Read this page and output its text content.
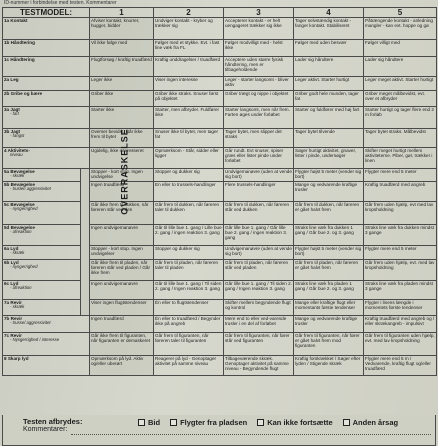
ID-nummer i forbindelse med testen. Kommentarer
TESTMODEL:		1	2	3	4	5
1a Kontakt		Afviser kontakt, knurrer, hugger, bidder	Undviger kontakt - kryber og trækker sig	Accepterer kontakt - er helt uengageret trækker sig ikke	Tager selvstændig kontakt - fanger kontakt. Stabiliseret	Påtrængende kontakt - anledning mangler - kan evt. hoppe og gø
1b Håndtering		Vil ikke følge med	Følger med et stykke. Evt. i fast line væk fra FL	Følger modvilligt med - helst ikke	Følger med uden besvær	Følger villigt med
1c Håndtering		Flugtforsøg / kraftig truadfærd	Kraftig unddragelser / truadfærd	Acceptere uden større fysisk håndtering, men er tilbageholdende	Lader sig håndtere	Lader sig håndtere
2a Leg		Leger ikke	Viser ingen interesse	Leger - starter langsomt - bliver aktiv	Leger aktivt. Starter hurtigt	Leger meget aktivt. Starter hurtigt
2b Gribe og bære		Griber ikke	Griber ikke straks. Snuser først på objektet	Griber trægt og nippe i objektet	Griber godt hele munden, tager fat	Griber meget målbevidst, evt. over et afbryder
3a Jagt
- fart		Starter ikke	Starter, men afbryder. Fuldfører ikke	Starter langsomt, men når frem. Farten øges under forløbet	Starter og fuldfører med høj fart	Starter hurtigt og tager flere end 2 m forløb
3b Jagt
- fangst		Overser bevidst. Når ikke frem til bytet	Snuser ikke til bytet, men tager fat	Tager bytet, men slipper det straks	Tager bytet tilvende	Tager bytet straks. Målbevidst
4 Aktivitets-
niveau		Ugidelig, ikke interesseret	Opmærksom - Står, sidder eller ligger	Går rundt. Evt snuser, spiser græs eller lister pinde under forløbet	Søger hurtigt aktivitet, gnaver, lister i pinde, undersøger	Skifter meget hurtigt mellem aktiviteterne. Piber, gør, trækker i linen
5a Bevægelse
- skræk	OVERRASKELSE	Stopper - kort stop. Ingen undvigelse	Stopper og dukker sig	Undvigemanøvre (uden at vende sig bort)	Flygter højst 5 meter (vender sig bort)	Flygter mere end 5 meter
5b Bevægelse
- truslen aggressivitet		Ingen truadfærd	En eller to trussels-handlinger	Flere trussels-handlinger	Mange og vedvarende kraftige trusler	Kraftig truadfærd med angreb
5c Bevægelse
- nysgerrighed		Går ikke frem til dukken, når føreren står ved den	Går frem til dukken, når føreren taler til dukken	Går frem til dukken, når føreren står ved dukken	Går frem til dukken, når føreren er gået halvt frem	Går frem uden hjælp, evt med lav kropsholdning
5d Bevægelse
- afreaktion		Ingen undvigemanøvre	Går til lille bue 1. gang / Lille bue 2. gang / ingen reaktion 3. gang	Går lille bue 1. gang / Går lille bue 2. gang / ingen reaktion 3. gang	Straks line væk fra dukken 1 gang / Går bue 2. og 3. gang	Straks line væk fra dukken mindst 3 gange
6a Lyd
- skræk		Stopper - kort stop. Ingen undvigelser	Stopper og dukker sig	Undvigemanøvre (uden at vende sig bort)	Flygter højst 5 meter (vender sig bort)	Flygter mere end 5 meter
6b Lyd
- nysgerrighed		Går ikke frem til pladen, når føreren står ved pladen / Går ikke frem	Går frem til pladen, når føreren taler til pladen	Går frem til pladen, når føreren står ved pladen	Går frem til pladen, når føreren er gået halvt frem	Går frem uden hjælp, evt. med lav kropsholdning
6c Lyd
- afreaktion		Ingen undvigemanøvre	Går til lille bue 1. gang / Til siden 2. gang / Ingen reaktion 3. gang	Går lille bue 1. gang / Til siden 2. gang / Ingen reaktion 3. gang	Straks line væk fra pladen 1 gang / Går bue 2. og 3. gang	Straks line væk fra pladen mindst 3 gange
7a Revir
- skræk		Viser ingen flugtstendenser	Én eller to flugtstendenser	Skifter mellem begyndende flugt og kontrol	Mange eller kraftige flugt eller momentants første tendenser	Flygter i linens længde i momentets første tendenser
7b Revir
- trussel aggressivitet		Ingen truadfærd	Én eller to truadfærd / Begynder ikke på angreb	Mere end to eller ved-varende trusler i en del af forløbet	Mange og vedvarende kraftige trusler	Kraftig truadfærd med angreb og / eller skrækangreb - impulsivt
7c Revir
- Nysgerrighed / interesse		Går ikke frem til figuranten, når figuranten er demaskeret	Går frem til figuranten, når føreren taler til figuranten	Går frem til figuranten, når fører står ved figuranten	Går frem til figuranten, når fører er gået halvt frem mod figuranten	Går frem til figuranten uden hjælp, evt. med lav kropsholdning
8 Skarp lyd		Opmærksom på lyd. Aktiv og/eller uberørt	Reagerer på lyd - Genoptager aktivitet på samme niveau	Tilbageværende skræk. Genoptager aktivitet på samme niveau - Begyndende flugt	Kraftig forskrækket / Søger efter lyden / Stigende skræk	Flygter mere end 5 m / Vedvarende, kraftig flugt og/eller truadfærd
Testen afbrydes:	Bid	Flygter fra pladsen	Kan ikke fortsætte	Anden årsag
Kommentarer:
